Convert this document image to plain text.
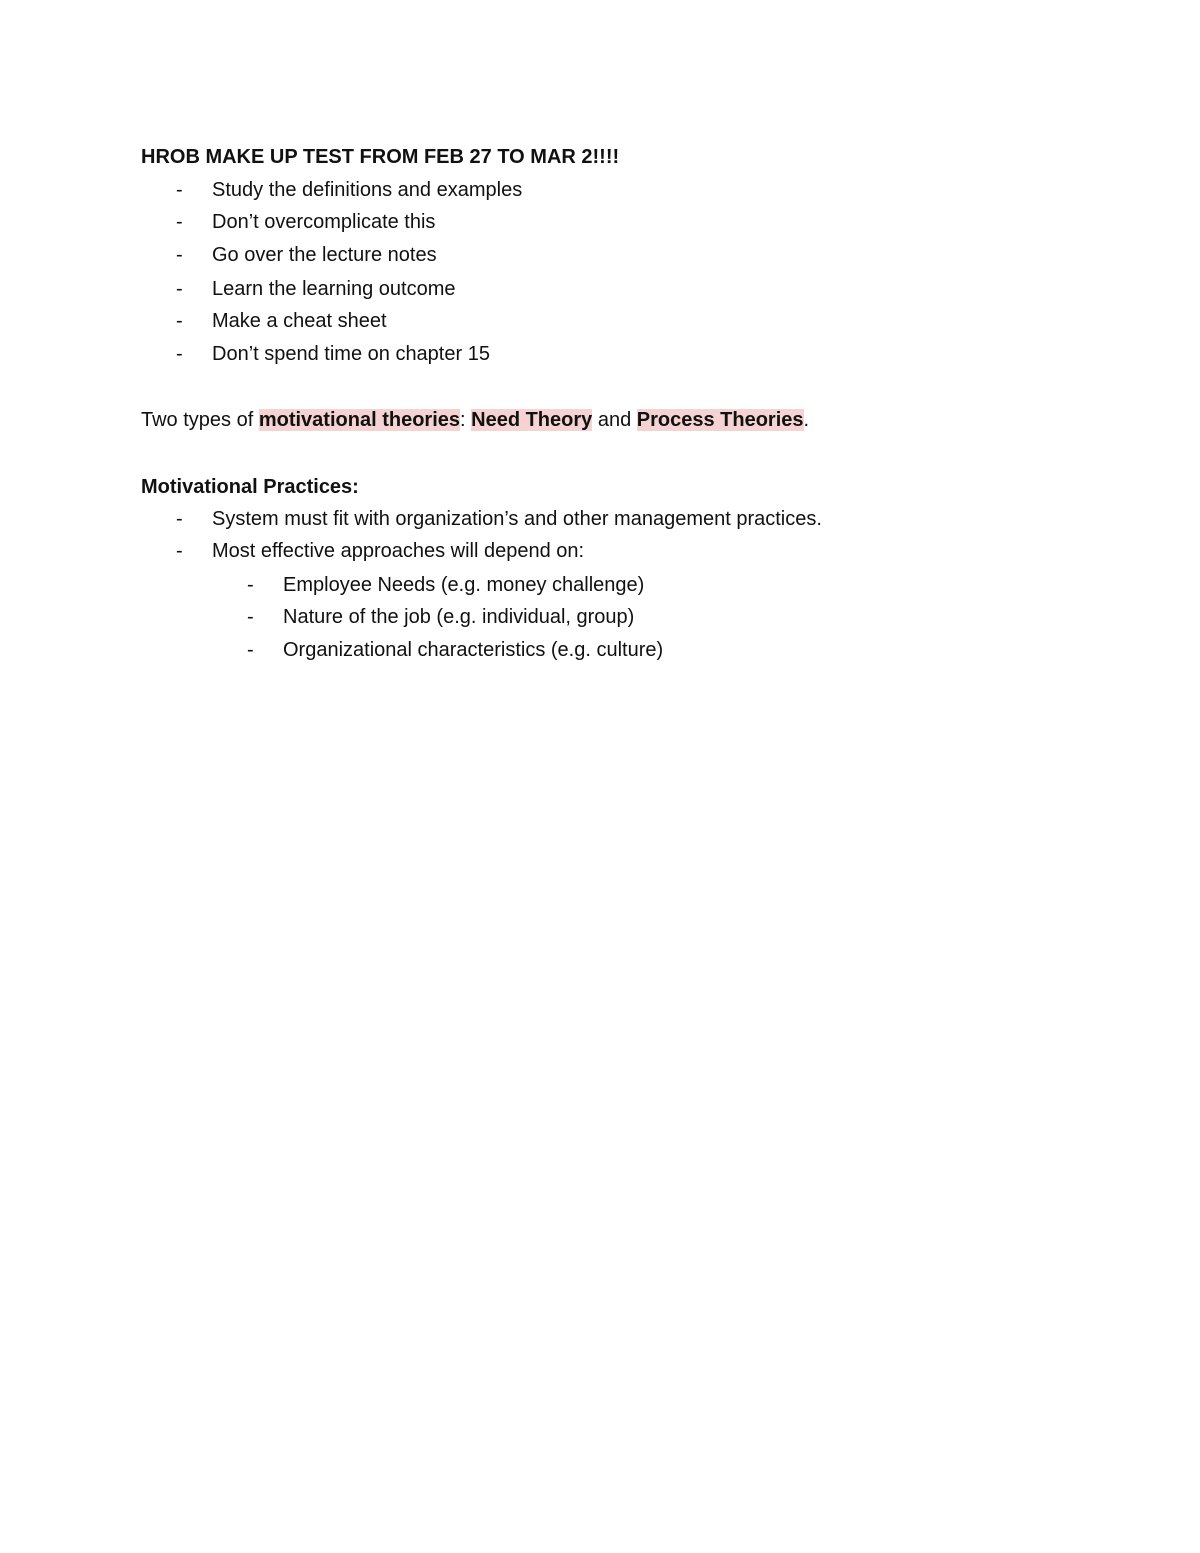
HROB MAKE UP TEST FROM FEB 27 TO MAR 2!!!!
- Study the definitions and examples
- Don’t overcomplicate this
- Go over the lecture notes
- Learn the learning outcome
- Make a cheat sheet
- Don’t spend time on chapter 15
Two types of motivational theories: Need Theory and Process Theories.
Motivational Practices:
- System must fit with organization’s and other management practices.
- Most effective approaches will depend on:
- Employee Needs (e.g. money challenge)
- Nature of the job (e.g. individual, group)
- Organizational characteristics (e.g. culture)
